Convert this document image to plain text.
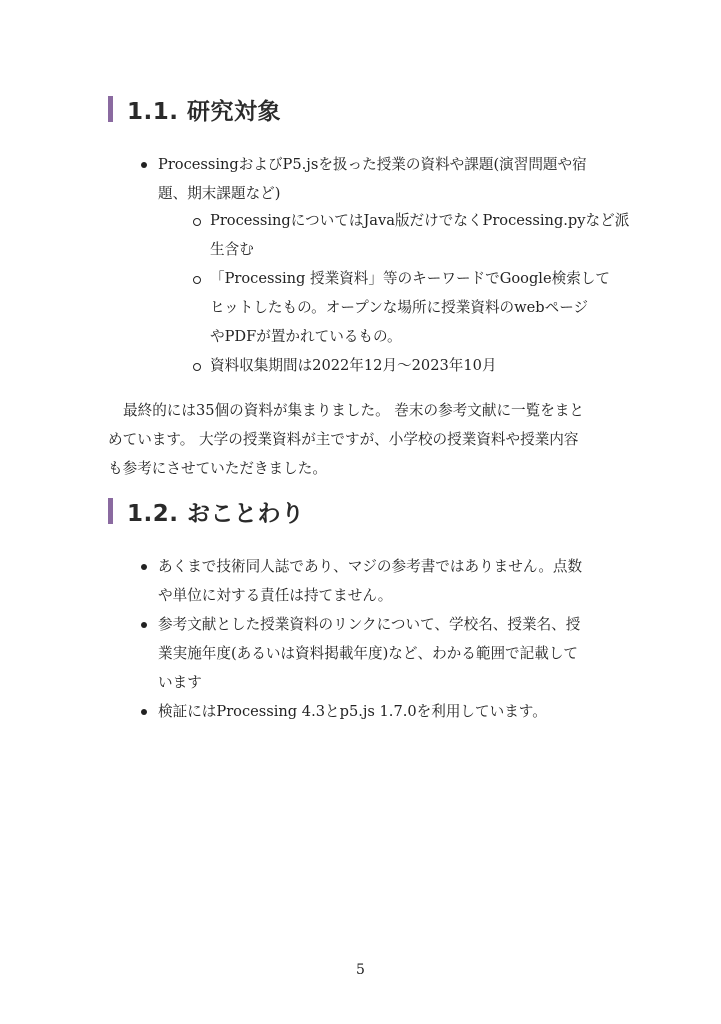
1.1. 研究対象
ProcessingおよびP5.jsを扱った授業の資料や課題(演習問題や宿
題、期末課題など)
ProcessingについてはJava版だけでなくProcessing.pyなど派
生含む
「Processing 授業資料」等のキーワードでGoogle検索して
ヒットしたもの。オープンな場所に授業資料のwebページ
やPDFが置かれているもの。
資料収集期間は2022年12月〜2023年10月
最終的には35個の資料が集まりました。 巻末の参考文献に一覧をまと
めています。 大学の授業資料が主ですが、小学校の授業資料や授業内容
も参考にさせていただきました。
1.2. おことわり
あくまで技術同人誌であり、マジの参考書ではありません。点数
や単位に対する責任は持てません。
参考文献とした授業資料のリンクについて、学校名、授業名、授
業実施年度(あるいは資料掲載年度)など、わかる範囲で記載して
います
検証にはProcessing 4.3とp5.js 1.7.0を利用しています。
5
